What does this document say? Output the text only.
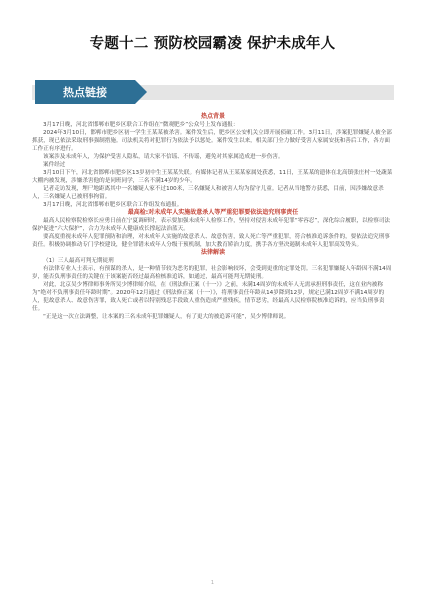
专题十二 预防校园霸凌 保护未成年人
热点链接

热点背景

3月17日晚，河北省邯郸市肥乡区联合工作组在“微观肥乡”公众号上发布通报：

2024年3月10日，邯郸市肥乡区初一学生王某某被杀害。案件发生后，肥乡区公安机关立即开展侦破工作。3月11日，涉案犯罪嫌疑人被全部抓获，现已依法采取刑事强制措施。司法机关将对犯罪行为依法予以惩处。案件发生以来，相关部门全力做好受害人家属安抚和善后工作，各方面工作正有序进行。

该案涉及未成年人，为保护受害人隐私，请大家不信谣、不传谣，避免对其家属造成进一步伤害。

案件经过

3月10日下午，河北省邯郸市肥乡区13岁初中生王某某失联。有媒体记者从王某某家属处获悉，11日，王某某的遗体在北高镇张庄村一处蔬菜大棚内被发现，涉嫌杀害他的是同班同学，三名不满14岁的少年。

记者走访发现，埋尸地距离其中一名嫌疑人家不过100米，三名嫌疑人和被害人均为留守儿童。记者从当地警方获悉，目前，因涉嫌故意杀人，三名嫌疑人已被刑事拘留。

3月17日晚，河北省邯郸市肥乡区联合工作组发布通报。

最高检:对未成年人实施故意杀人等严重犯罪要依法追究刑事责任

最高人民检察院检察长应勇日前在宁夏调研时，表示要加强未成年人检察工作，坚持对侵害未成年犯罪“零容忍”，深化综合履职，以检察司法保护促进“六大保护”，合力为未成年人健康成长撑起法治蓝天。

要高度重视未成年人犯罪预防和治理，对未成年人实施的故意杀人、故意伤害，致人死亡等严重犯罪，符合核准追诉条件的，要依法追究刑事责任。积极协调推动专门学校建设，健全罪错未成年人分级干预机制，加大教育矫治力度，携手各方坚决遏制未成年人犯罪高发势头。

法律解读

（1）三人最高可判无期徒刑

有法律专业人士表示，有预谋的杀人，是一种情节较为恶劣的犯罪，社会影响较坏，会受到更重的定罪处罚。三名犯罪嫌疑人年龄因不满14周岁，能否负刑事责任的关键在于该案能否经过最高检核准追诉，如通过，最高可能判无期徒刑。

对此，北京吴少博律师事务所吴少博律师介绍，在《刑法修正案（十一）》之前，未满14周岁的未成年人无需承担刑事责任，这在业内被称为“绝对不负刑事责任年龄时期”。2020年12月通过《刑法修正案（十一）》，将刑事责任年龄从14岁降到12岁，规定已满12周岁不满14周岁的人，犯故意杀人、故意伤害罪，致人死亡或者以特别残忍手段致人重伤造成严重残疾，情节恶劣，经最高人民检察院核准追诉的，应当负刑事责任。

“正是这一次立法调整，让本案的三名未成年犯罪嫌疑人，有了更大的被追诉可能”，吴少博律师说。

1
